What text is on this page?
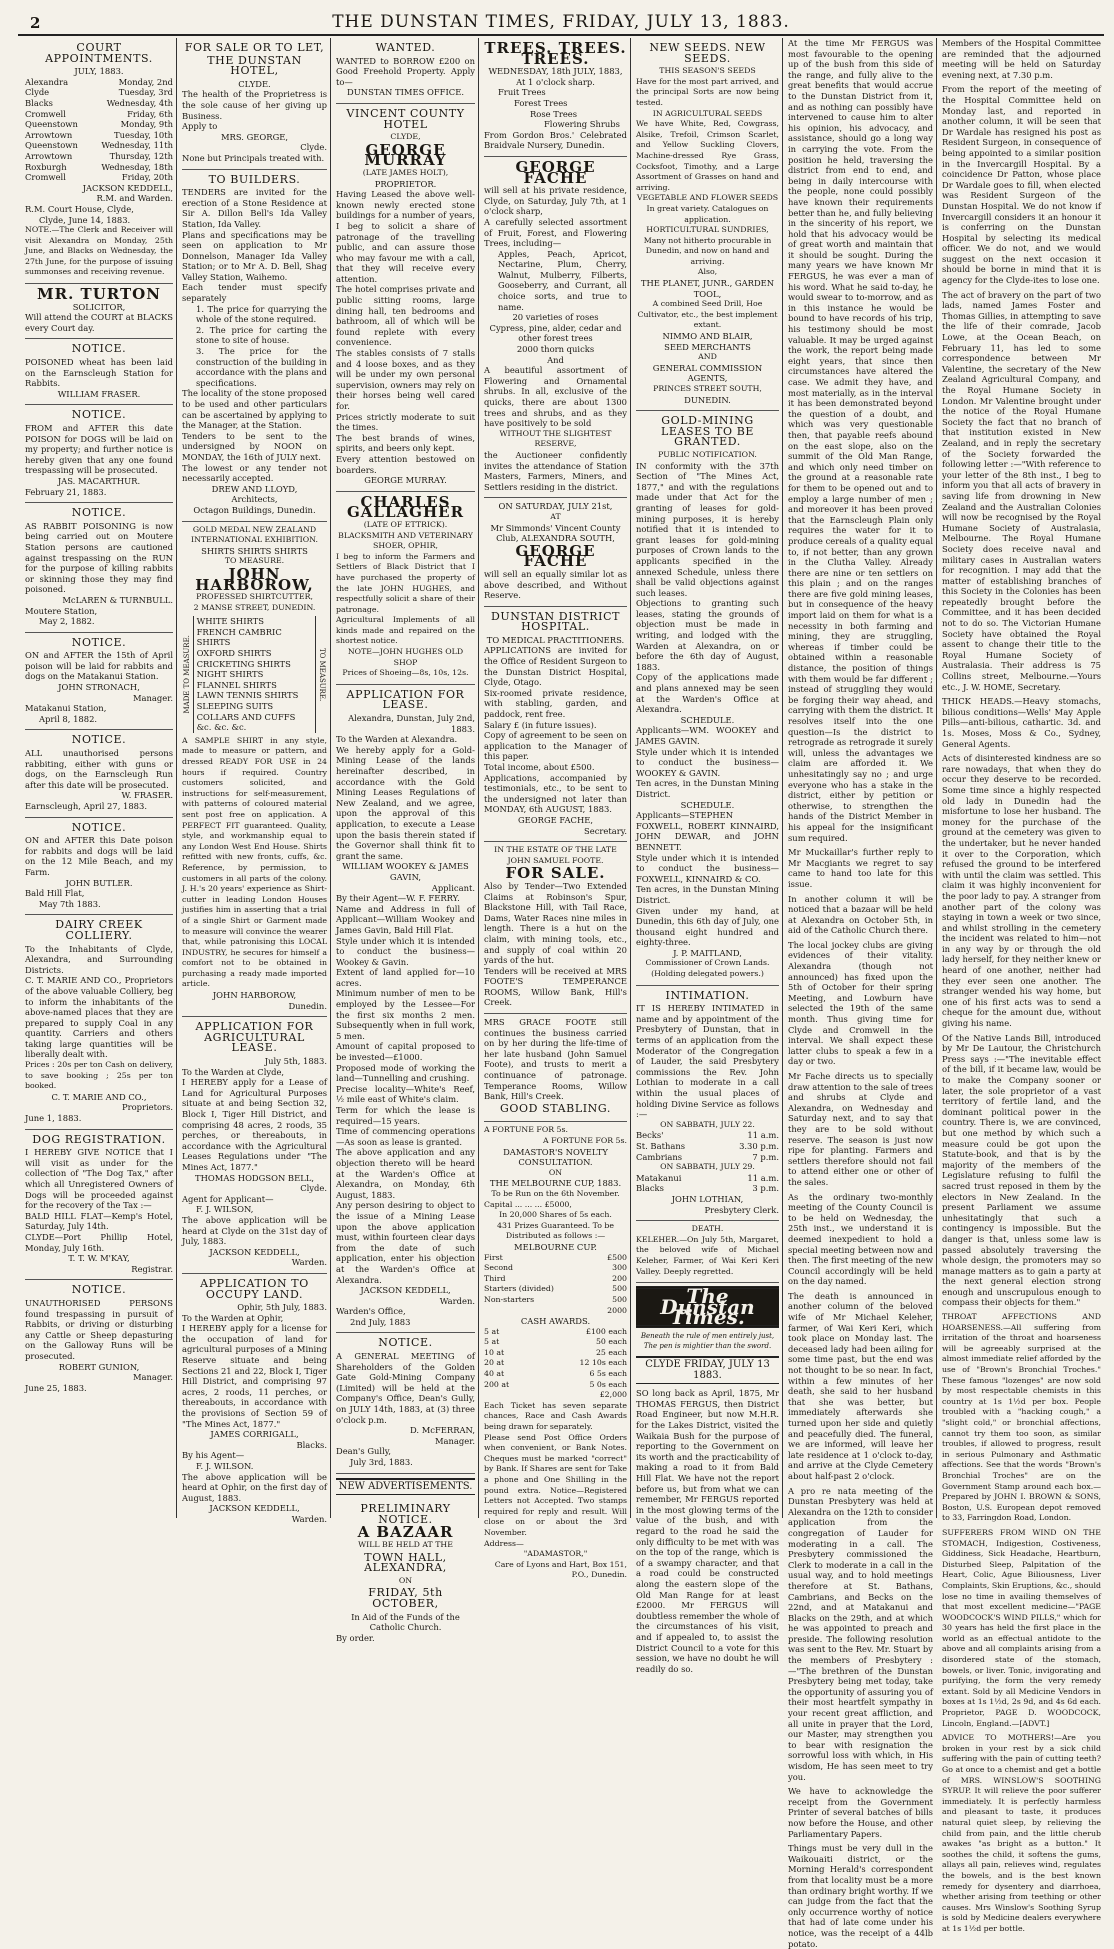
2	THE DUNSTAN TIMES, FRIDAY, JULY 13, 1883.
COURT APPOINTMENTS.
JULY, 1883.
Alexandra	Monday, 2nd
Clyde	Tuesday, 3rd
Blacks	Wednesday, 4th
Cromwell	Friday, 6th
Queenstown	Monday, 9th
Arrowtown	Tuesday, 10th
Queenstown	Wednesday, 11th
Arrowtown	Thursday, 12th
Roxburgh	Wednesday, 18th
Cromwell	Friday, 20th

JACKSON KEDDELL,

R.M. and Warden.

R.M. Court House, Clyde,

Clyde, June 14, 1883.

NOTE.—The Clerk and Receiver will visit Alexandra on Monday, 25th June, and Blacks on Wednesday, the 27th June, for the purpose of issuing summonses and receiving revenue.

MR. TURTON
SOLICITOR,

Will attend the COURT at BLACKS every Court day.

NOTICE.

POISONED wheat has been laid on the Earnscleugh Station for Rabbits.

WILLIAM FRASER.

NOTICE.

FROM and AFTER this date POISON for DOGS will be laid on my property; and further notice is hereby given that any one found trespassing will be prosecuted.

JAS. MACARTHUR.

February 21, 1883.

NOTICE.

AS RABBIT POISONING is now being carried out on Moutere Station persons are cautioned against trespassing on the RUN for the purpose of killing rabbits or skinning those they may find poisoned.

McLAREN & TURNBULL.

Moutere Station,

May 2, 1882.

NOTICE.

ON and AFTER the 15th of April poison will be laid for rabbits and dogs on the Matakanui Station.

JOHN STRONACH,

Manager.

Matakanui Station,

April 8, 1882.

NOTICE.

ALL unauthorised persons rabbiting, either with guns or dogs, on the Earnscleugh Run after this date will be prosecuted.

W. FRASER.

Earnscleugh, April 27, 1883.

NOTICE.

ON and AFTER this Date poison for rabbits and dogs will be laid on the 12 Mile Beach, and my Farm.

JOHN BUTLER.

Bald Hill Flat,

May 7th 1883.

DAIRY CREEK COLLIERY.

To the Inhabitants of Clyde, Alexandra, and Surrounding Districts.

C. T. MARIE AND CO., Proprietors of the above valuable Colliery, beg to inform the inhabitants of the above-named places that they are prepared to supply Coal in any quantity. Carriers and others taking large quantities will be liberally dealt with.

Prices : 20s per ton Cash on delivery, to save booking ; 25s per ton booked.

C. T. MARIE AND CO.,

Proprietors.

June 1, 1883.

DOG REGISTRATION.

I HEREBY GIVE NOTICE that I will visit as under for the collection of "The Dog Tax," after which all Unregistered Owners of Dogs will be proceeded against for the recovery of the Tax :—

BALD HILL FLAT—Kemp's Hotel, Saturday, July 14th.

CLYDE—Port Phillip Hotel, Monday, July 16th.

T. T. W. M'KAY,

Registrar.

NOTICE.

UNAUTHORISED PERSONS found trespassing in pursuit of Rabbits, or driving or disturbing any Cattle or Sheep depasturing on the Galloway Runs will be prosecuted.

ROBERT GUNION,

Manager.

June 25, 1883.

FOR SALE OR TO LET,
THE DUNSTAN HOTEL,
CLYDE.

The health of the Proprietress is the sole cause of her giving up Business.

Apply to

MRS. GEORGE,

Clyde.

None but Principals treated with.

TO BUILDERS.

TENDERS are invited for the erection of a Stone Residence at Sir A. Dillon Bell's Ida Valley Station, Ida Valley.

Plans and specifications may be seen on application to Mr Donnelson, Manager Ida Valley Station; or to Mr A. D. Bell, Shag Valley Station, Waihemo.

Each tender must specify separately

1. The price for quarrying the whole of the stone required.

2. The price for carting the stone to site of house.

3. The price for the construction of the building in accordance with the plans and specifications.

The locality of the stone proposed to be used and other particulars can be ascertained by applying to the Manager, at the Station.

Tenders to be sent to the undersigned by NOON on MONDAY, the 16th of JULY next.

The lowest or any tender not necessarily accepted.

DREW AND LLOYD,

Architects,

Octagon Buildings, Dunedin.

GOLD MEDAL NEW ZEALAND INTERNATIONAL EXHIBITION.
SHIRTS SHIRTS SHIRTS
TO MEASURE.
JOHN HARBOROW,
PROFESSED SHIRTCUTTER,
2 MANSE STREET, DUNEDIN.
MADE TO MEASURE.
WHITE SHIRTS
FRENCH CAMBRIC SHIRTS
OXFORD SHIRTS
CRICKETING SHIRTS
NIGHT SHIRTS
FLANNEL SHIRTS
LAWN TENNIS SHIRTS
SLEEPING SUITS
COLLARS AND CUFFS
&c. &c. &c.
TO MEASURE.

A SAMPLE SHIRT in any style, made to measure or pattern, and dressed READY FOR USE in 24 hours if required. Country customers solicited, and instructions for self-measurement, with patterns of coloured material sent post free on application. A PERFECT FIT guaranteed. Quality, style, and workmanship equal to any London West End House. Shirts refitted with new fronts, cuffs, &c. Reference, by permission, to customers in all parts of the colony. J. H.'s 20 years' experience as Shirt-cutter in leading London Houses justifies him in asserting that a trial of a single Shirt or Garment made to measure will convince the wearer that, while patronising this LOCAL INDUSTRY, he secures for himself a comfort not to be obtained in purchasing a ready made imported article.

JOHN HARBOROW,

Dunedin.

APPLICATION FOR AGRICULTURAL LEASE.

July 5th, 1883.

To the Warden at Clyde,

I HEREBY apply for a Lease of Land for Agricultural Purposes situate at and being Section 32, Block I, Tiger Hill District, and comprising 48 acres, 2 roods, 35 perches, or thereabouts, in accordance with the Agricultural Leases Regulations under "The Mines Act, 1877."

THOMAS HODGSON BELL,

Clyde.

Agent for Applicant—

F. J. WILSON,

The above application will be heard at Clyde on the 31st day of July, 1883.

JACKSON KEDDELL,

Warden.

APPLICATION TO OCCUPY LAND.

Ophir, 5th July, 1883.

To the Warden at Ophir,

I HEREBY apply for a license for the occupation of land for agricultural purposes of a Mining Reserve situate and being Sections 21 and 22, Block I, Tiger Hill District, and comprising 97 acres, 2 roods, 11 perches, or thereabouts, in accordance with the provisions of Section 59 of "The Mines Act, 1877."

JAMES CORRIGALL,

Blacks.

By his Agent—

F. J. WILSON.

The above application will be heard at Ophir, on the first day of August, 1883.

JACKSON KEDDELL,

Warden.

WANTED.

WANTED to BORROW £200 on Good Freehold Property. Apply to—

DUNSTAN TIMES OFFICE.

VINCENT COUNTY HOTEL
CLYDE,
GEORGE MURRAY
(LATE JAMES HOLT),
PROPRIETOR.

Having Leased the above well-known newly erected stone buildings for a number of years, I beg to solicit a share of patronage of the travelling public, and can assure those who may favour me with a call, that they will receive every attention.

The hotel comprises private and public sitting rooms, large dining hall, ten bedrooms and bathroom, all of which will be found replete with every convenience.

The stables consists of 7 stalls and 4 loose boxes, and as they will be under my own personal supervision, owners may rely on their horses being well cared for.

Prices strictly moderate to suit the times.

The best brands of wines, spirits, and beers only kept.

Every attention bestowed on boarders.

GEORGE MURRAY.

CHARLES GALLAGHER
(LATE OF ETTRICK).
BLACKSMITH AND VETERINARY SHOER, OPHIR,

I beg to inform the Farmers and Settlers of Black District that I have purchased the property of the late JOHN HUGHES, and respectfully solicit a share of their patronage.

Agricultural Implements of all kinds made and repaired on the shortest notice.

NOTE—JOHN HUGHES OLD SHOP

Prices of Shoeing—8s, 10s, 12s.

APPLICATION FOR LEASE.

Alexandra, Dunstan, July 2nd, 1883.

To the Warden at Alexandra.

We hereby apply for a Gold-Mining Lease of the lands hereinafter described, in accordance with the Gold Mining Leases Regulations of New Zealand, and we agree, upon the approval of this application, to execute a Lease upon the basis therein stated if the Governor shall think fit to grant the same.

WILLIAM WOOKEY & JAMES GAVIN,

Applicant.

By their Agent—W. F. FERRY.

Name and Address in full of Applicant—William Wookey and James Gavin, Bald Hill Flat.

Style under which it is intended to conduct the business—Wookey & Gavin.

Extent of land applied for—10 acres.

Minimum number of men to be employed by the Lessee—For the first six months 2 men. Subsequently when in full work, 5 men.

Amount of capital proposed to be invested—£1000.

Proposed mode of working the land—Tunnelling and crushing.

Precise locality—White's Reef, ½ mile east of White's claim.

Term for which the lease is required—15 years.

Time of commencing operations—As soon as lease is granted.

The above application and any objection thereto will be heard at the Warden's Office at Alexandra, on Monday, 6th August, 1883.

Any person desiring to object to the issue of a Mining Lease upon the above application must, within fourteen clear days from the date of such application, enter his objection at the Warden's Office at Alexandra.

JACKSON KEDDELL,

Warden.

Warden's Office,

2nd July, 1883

NOTICE.

A GENERAL MEETING of Shareholders of the Golden Gate Gold-Mining Company (Limited) will be held at the Company's Office, Dean's Gully, on JULY 14th, 1883, at (3) three o'clock p.m.

D. McFERRAN,

Manager.

Dean's Gully,

July 3rd, 1883.

NEW ADVERTISEMENTS.
PRELIMINARY NOTICE.
A BAZAAR
WILL BE HELD AT THE
TOWN HALL, ALEXANDRA,
ON
FRIDAY, 5th OCTOBER,

In Aid of the Funds of the Catholic Church.

By order.

TREES. TREES. TREES.
WEDNESDAY, 18th JULY, 1883,
At 1 o'clock sharp.

Fruit Trees

Forest Trees

Rose Trees

Flowering Shrubs

From Gordon Bros.' Celebrated Braidvale Nursery, Dunedin.

GEORGE FACHE

will sell at his private residence, Clyde, on Saturday, July 7th, at 1 o'clock sharp,

A carefully selected assortment of Fruit, Forest, and Flowering Trees, including—

Apples, Peach, Apricot, Nectarine, Plum, Cherry, Walnut, Mulberry, Filberts, Gooseberry, and Currant, all choice sorts, and true to name.

20 varieties of roses

Cypress, pine, alder, cedar and other forest trees

2000 thorn quicks

And

A beautiful assortment of Flowering and Ornamental shrubs. In all, exclusive of the quicks, there are about 1300 trees and shrubs, and as they have positively to be sold

WITHOUT THE SLIGHTEST RESERVE,

the Auctioneer confidently invites the attendance of Station Masters, Farmers, Miners, and Settlers residing in the district.

ON SATURDAY, JULY 21st,
AT
Mr Simmonds' Vincent County Club, ALEXANDRA SOUTH,
GEORGE FACHE

will sell an equally similar lot as above described, and Without Reserve.

DUNSTAN DISTRICT HOSPITAL.
TO MEDICAL PRACTITIONERS.

APPLICATIONS are invited for the Office of Resident Surgeon to the Dunstan District Hospital, Clyde, Otago.

Six-roomed private residence, with stabling, garden, and paddock, rent free.

Salary £ (in future issues).

Copy of agreement to be seen on application to the Manager of this paper.

Total income, about £500.

Applications, accompanied by testimonials, etc., to be sent to the undersigned not later than MONDAY, 6th AUGUST, 1883.

GEORGE FACHE,

Secretary.

IN THE ESTATE OF THE LATE JOHN SAMUEL FOOTE.
FOR SALE.

Also by Tender—Two Extended Claims at Robinson's Spur, Blackstone Hill, with Tail Race, Dams, Water Races nine miles in length. There is a hut on the claim, with mining tools, etc., and supply of coal within 20 yards of the hut.

Tenders will be received at MRS FOOTE'S TEMPERANCE ROOMS, Willow Bank, Hill's Creek.

MRS GRACE FOOTE still continues the business carried on by her during the life-time of her late husband (John Samuel Foote), and trusts to merit a continuance of patronage. Temperance Rooms, Willow Bank, Hill's Creek.

GOOD STABLING.

A FORTUNE FOR 5s.

A FORTUNE FOR 5s.

DAMASTOR'S NOVELTY CONSULTATION.
ON
THE MELBOURNE CUP, 1883.
To be Run on the 6th November.

Capital ... ... ... £5000,

In 20,000 Shares of 5s each.

431 Prizes Guaranteed. To be Distributed as follows :—

MELBOURNE CUP.
First	£500
Second	300
Third	200
Starters (divided)	500
Non-starters	500
2000
CASH AWARDS.
5 at	£100 each
5 at	50 each
10 at	25 each
20 at	12 10s each
40 at	6 5s each
200 at	5 0s each

£2,000

Each Ticket has seven separate chances, Race and Cash Awards being drawn for separately.

Please send Post Office Orders when convenient, or Bank Notes. Cheques must be marked "correct" by Bank. If Shares are sent for Take a phone and One Shilling in the pound extra. Notice—Registered Letters not Accepted. Two stamps required for reply and result. Will close on or about the 3rd November.

Address—

"ADAMASTOR,"

Care of Lyons and Hart, Box 151, P.O., Dunedin.

NEW SEEDS. NEW SEEDS.
THIS SEASON'S SEEDS

Have for the most part arrived, and the principal Sorts are now being tested.

IN AGRICULTURAL SEEDS

We have White, Red, Cowgrass, Alsike, Trefoil, Crimson Scarlet, and Yellow Suckling Clovers, Machine-dressed Rye Grass, Cocksfoot, Timothy, and a Large Assortment of Grasses on hand and arriving.

VEGETABLE AND FLOWER SEEDS

In great variety. Catalogues on application.

HORTICULTURAL SUNDRIES,

Many not hitherto procurable in Dunedin, and now on hand and arriving.

Also,

THE PLANET, JUNR., GARDEN TOOL,

A combined Seed Drill, Hoe Cultivator, etc., the best implement extant.

NIMMO AND BLAIR,
SEED MERCHANTS
AND
GENERAL COMMISSION AGENTS,
PRINCES STREET SOUTH,
DUNEDIN.
GOLD-MINING LEASES TO BE GRANTED.
PUBLIC NOTIFICATION.

IN conformity with the 37th Section of "The Mines Act, 1877," and with the regulations made under that Act for the granting of leases for gold-mining purposes, it is hereby notified that it is intended to grant leases for gold-mining purposes of Crown lands to the applicants specified in the annexed Schedule, unless there shall be valid objections against such leases.

Objections to granting such leases, stating the grounds of objection must be made in writing, and lodged with the Warden at Alexandra, on or before the 6th day of August, 1883.

Copy of the applications made and plans annexed may be seen at the Warden's Office at Alexandra.

SCHEDULE.

Applicants—WM. WOOKEY and JAMES GAVIN.

Style under which it is intended to conduct the business—WOOKEY & GAVIN.

Ten acres, in the Dunstan Mining District.

SCHEDULE.

Applicants—STEPHEN FOXWELL, ROBERT KINNAIRD, JOHN DEWAR, and JOHN BENNETT.

Style under which it is intended to conduct the business—FOXWELL, KINNAIRD & CO.

Ten acres, in the Dunstan Mining District.

Given under my hand, at Dunedin, this 6th day of July, one thousand eight hundred and eighty-three.

J. P. MAITLAND,

Commissioner of Crown Lands.

(Holding delegated powers.)

INTIMATION.

IT IS HEREBY INTIMATED in name and by appointment of the Presbytery of Dunstan, that in terms of an application from the Moderator of the Congregation of Lauder, the said Presbytery commissions the Rev. John Lothian to moderate in a call within the usual places of holding Divine Service as follows :—

ON SABBATH, JULY 22.
Becks'	11 a.m.
St. Bathans	3.30 p.m.
Cambrians	7 p.m.
ON SABBATH, JULY 29.
Matakanui	11 a.m.
Blacks	3 p.m.

JOHN LOTHIAN,

Presbytery Clerk.

DEATH.

KELEHER.—On July 5th, Margaret, the beloved wife of Michael Keleher, Farmer, of Wai Keri Keri Valley. Deeply regretted.

The Dunstan Times.

Beneath the rule of men entirely just, The pen is mightier than the sword.

CLYDE FRIDAY, JULY 13 1883.

SO long back as April, 1875, Mr THOMAS FERGUS, then District Road Engineer, but now M.H.R. for the Lakes District, visited the Waikaia Bush for the purpose of reporting to the Government on its worth and the practicability of making a road to it from Bald Hill Flat. We have not the report before us, but from what we can remember, Mr FERGUS reported in the most glowing terms of the value of the bush, and with regard to the road he said the only difficulty to be met with was on the top of the range, which is of a swampy character, and that a road could be constructed along the eastern slope of the Old Man Range for at least £2000. Mr FERGUS will doubtless remember the whole of the circumstances of his visit, and if appealed to, to assist the District Council to a vote for this session, we have no doubt he will readily do so.

At the time Mr FERGUS was most favourable to the opening up of the bush from this side of the range, and fully alive to the great benefits that would accrue to the Dunstan District from it, and as nothing can possibly have intervened to cause him to alter his opinion, his advocacy, and assistance, should go a long way in carrying the vote. From the position he held, traversing the district from end to end, and being in daily intercourse with the people, none could possibly have known their requirements better than he, and fully believing in the sincerity of his report, we hold that his advocacy would be of great worth and maintain that it should be sought. During the many years we have known Mr FERGUS, he was ever a man of his word. What he said to-day, he would swear to to-morrow, and as in this instance he would be bound to have records of his trip, his testimony should be most valuable. It may be urged against the work, the report being made eight years, that since then circumstances have altered the case. We admit they have, and most materially, as in the interval it has been demonstrated beyond the question of a doubt, and which was very questionable then, that payable reefs abound on the east slope, also on the summit of the Old Man Range, and which only need timber on the ground at a reasonable rate for them to be opened out and to employ a large number of men ; and moreover it has been proved that the Earnscleugh Plain only requires the water for it to produce cereals of a quality equal to, if not better, than any grown in the Clutha Valley. Already there are nine or ten settlers on this plain ; and on the ranges there are five gold mining leases, but in consequence of the heavy import laid on them for what is a necessity in both farming and mining, they are struggling, whereas if timber could be obtained within a reasonable distance, the position of things with them would be far different ; instead of struggling they would be forging their way ahead, and carrying with them the district. It resolves itself into the one question—Is the district to retrograde as retrograde it surely will, unless the advantages we claim are afforded it. We unhesitatingly say no ; and urge everyone who has a stake in the district, either by petition or otherwise, to strengthen the hands of the District Member in his appeal for the insignificant sum required.

Mr Muckaillar's further reply to Mr Macgiants we regret to say came to hand too late for this issue.

In another column it will be noticed that a bazaar will be held at Alexandra on October 5th, in aid of the Catholic Church there.

The local jockey clubs are giving evidences of their vitality. Alexandra (though not announced) has fixed upon the 5th of October for their spring Meeting, and Lowburn have selected the 19th of the same month. Thus giving time for Clyde and Cromwell in the interval. We shall expect these latter clubs to speak a few in a day or two.

Mr Fache directs us to specially draw attention to the sale of trees and shrubs at Clyde and Alexandra, on Wednesday and Saturday next, and to say that they are to be sold without reserve. The season is just now ripe for planting. Farmers and settlers therefore should not fail to attend either one or other of the sales.

As the ordinary two-monthly meeting of the County Council is to be held on Wednesday, the 25th inst., we understand it is deemed inexpedient to hold a special meeting between now and then. The first meeting of the new Council accordingly will be held on the day named.

The death is announced in another column of the beloved wife of Mr Michael Keleher, farmer, of Wai Keri Keri, which took place on Monday last. The deceased lady had been ailing for some time past, but the end was not thought to be so near. In fact, within a few minutes of her death, she said to her husband that she was better, but immediately afterwards she turned upon her side and quietly and peacefully died. The funeral, we are informed, will leave her late residence at 1 o'clock to-day, and arrive at the Clyde Cemetery about half-past 2 o'clock.

A pro re nata meeting of the Dunstan Presbytery was held at Alexandra on the 12th to consider application from the congregation of Lauder for moderating in a call. The Presbytery commissioned the Clerk to moderate in a call in the usual way, and to hold meetings therefore at St. Bathans, Cambrians, and Becks on the 22nd, and at Matakanui and Blacks on the 29th, and at which he was appointed to preach and preside. The following resolution was sent to the Rev. Mr. Stuart by the members of Presbytery :—"The brethren of the Dunstan Presbytery being met today, take the opportunity of assuring you of their most heartfelt sympathy in your recent great affliction, and all unite in prayer that the Lord, our Master, may strengthen you to bear with resignation the sorrowful loss with which, in His wisdom, He has seen meet to try you.

We have to acknowledge the receipt from the Government Printer of several batches of bills now before the House, and other Parliamentary Papers.

Things must be very dull in the Waikouaiti district, or the Morning Herald's correspondent from that locality must be a more than ordinary bright worthy. If we can judge from the fact that the only occurrence worthy of notice that had of late come under his notice, was the receipt of a 44lb potato.

Members of the Hospital Committee are reminded that the adjourned meeting will be held on Saturday evening next, at 7.30 p.m.

From the report of the meeting of the Hospital Committee held on Monday last, and reported in another column, it will be seen that Dr Wardale has resigned his post as Resident Surgeon, in consequence of being appointed to a similar position in the Invercargill Hospital. By a coincidence Dr Patton, whose place Dr Wardale goes to fill, when elected was Resident Surgeon of the Dunstan Hospital. We do not know if Invercargill considers it an honour it is conferring on the Dunstan Hospital by selecting its medical officer. We do not, and we would suggest on the next occasion it should be borne in mind that it is agency for the Clyde-ites to lose one.

The act of bravery on the part of two lads, named James Foster and Thomas Gillies, in attempting to save the life of their comrade, Jacob Lowe, at the Ocean Beach, on February 11, has led to some correspondence between Mr Valentine, the secretary of the New Zealand Agricultural Company, and the Royal Humane Society in London. Mr Valentine brought under the notice of the Royal Humane Society the fact that no branch of that institution existed in New Zealand, and in reply the secretary of the Society forwarded the following letter :—"With reference to your letter of the 8th inst., I beg to inform you that all acts of bravery in saving life from drowning in New Zealand and the Australian Colonies will now be recognised by the Royal Humane Society of Australasia, Melbourne. The Royal Humane Society does receive naval and military cases in Australian waters for recognition. I may add that the matter of establishing branches of this Society in the Colonies has been repeatedly brought before the Committee, and it has been decided not to do so. The Victorian Humane Society have obtained the Royal assent to change their title to the Royal Humane Society of Australasia. Their address is 75 Collins street, Melbourne.—Yours etc., J. W. HOME, Secretary.

THICK HEADS.—Heavy stomachs, bilious conditions—Wells' May Apple Pills—anti-bilious, cathartic. 3d. and 1s. Moses, Moss & Co., Sydney, General Agents.

Acts of disinterested kindness are so rare nowadays, that when they do occur they deserve to be recorded. Some time since a highly respected old lady in Dunedin had the misfortune to lose her husband. The money for the purchase of the ground at the cemetery was given to the undertaker, but he never handed it over to the Corporation, which refused the ground to be interfered with until the claim was settled. This claim it was highly inconvenient for the poor lady to pay. A stranger from another part of the colony was staying in town a week or two since, and whilst strolling in the cemetery the incident was related to him—not in any way by or through the old lady herself, for they neither knew or heard of one another, neither had they ever seen one another. The stranger wended his way home, but one of his first acts was to send a cheque for the amount due, without giving his name.

Of the Native Lands Bill, introduced by Mr De Lautour, the Christchurch Press says :—"The inevitable effect of the bill, if it became law, would be to make the Company sooner or later, the sole proprietor of a vast territory of fertile land, and the dominant political power in the country. There is, we are convinced, but one method by which such a measure could be got upon the Statute-book, and that is by the majority of the members of the Legislature refusing to fulfil the sacred trust reposed in them by the electors in New Zealand. In the present Parliament we assume unhesitatingly that such a contingency is impossible. But the danger is that, unless some law is passed absolutely traversing the whole design, the promoters may so manage matters as to gain a party at the next general election strong enough and unscrupulous enough to compass their objects for them."

THROAT AFFECTIONS AND HOARSENESS.—All suffering from irritation of the throat and hoarseness will be agreeably surprised at the almost immediate relief afforded by the use of "Brown's Bronchial Troches." These famous "lozenges" are now sold by most respectable chemists in this country at 1s 1½d per box. People troubled with a "hacking cough," a "slight cold," or bronchial affections, cannot try them too soon, as similar troubles, if allowed to progress, result in serious Pulmonary and Asthmatic affections. See that the words "Brown's Bronchial Troches" are on the Government Stamp around each box.—Prepared by JOHN I. BROWN & SONS, Boston, U.S. European depot removed to 33, Farringdon Road, London.

SUFFERERS FROM WIND ON THE STOMACH, Indigestion, Costiveness, Giddiness, Sick Headache, Heartburn, Disturbed Sleep, Palpitation of the Heart, Colic, Ague Biliousness, Liver Complaints, Skin Eruptions, &c., should lose no time in availing themselves of that most excellent medicine—"PAGE WOODCOCK'S WIND PILLS," which for 30 years has held the first place in the world as an effectual antidote to the above and all complaints arising from a disordered state of the stomach, bowels, or liver. Tonic, invigorating and purifying, the form the very remedy extant. Sold by all Medicine Vendors in boxes at 1s 1½d, 2s 9d, and 4s 6d each. Proprietor, PAGE D. WOODCOCK, Lincoln, England.—[ADVT.]

ADVICE TO MOTHERS!—Are you broken in your rest by a sick child suffering with the pain of cutting teeth? Go at once to a chemist and get a bottle of MRS. WINSLOW'S SOOTHING SYRUP. It will relieve the poor sufferer immediately. It is perfectly harmless and pleasant to taste, it produces natural quiet sleep, by relieving the child from pain, and the little cherub awakes "as bright as a button." It soothes the child, it softens the gums, allays all pain, relieves wind, regulates the bowels, and is the best known remedy for dysentery and diarrhoea, whether arising from teething or other causes. Mrs Winslow's Soothing Syrup is sold by Medicine dealers everywhere at 1s 1½d per bottle.
